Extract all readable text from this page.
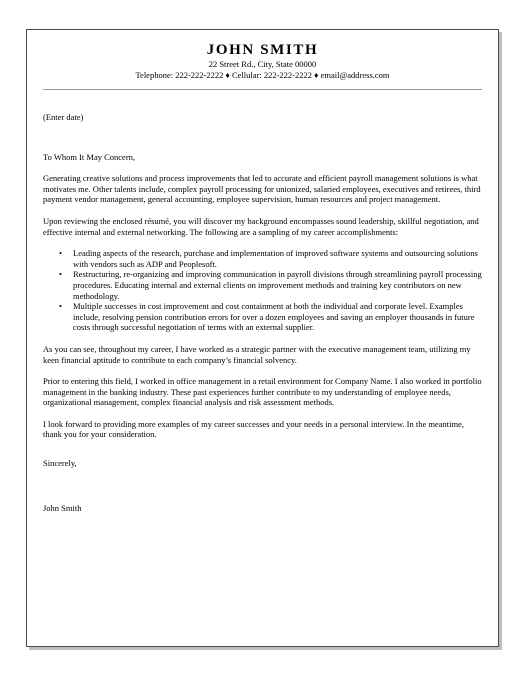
JOHN SMITH
22 Street Rd., City, State 00000
Telephone: 222-222-2222 ♦ Cellular: 222-222-2222 ♦ email@address.com

(Enter date)

To Whom It May Concern,

Generating creative solutions and process improvements that led to accurate and efficient payroll management solutions is what motivates me. Other talents include, complex payroll processing for unionized, salaried employees, executives and retirees, third payment vendor management, general accounting, employee supervision, human resources and project management.

Upon reviewing the enclosed résumé, you will discover my background encompasses sound leadership, skillful negotiation, and effective internal and external networking. The following are a sampling of my career accomplishments:

• Leading aspects of the research, purchase and implementation of improved software systems and outsourcing solutions with vendors such as ADP and Peoplesoft.
• Restructuring, re-organizing and improving communication in payroll divisions through streamlining payroll processing procedures. Educating internal and external clients on improvement methods and training key contributors on new methodology.
• Multiple successes in cost improvement and cost containment at both the individual and corporate level. Examples include, resolving pension contribution errors for over a dozen employees and saving an employer thousands in future costs through successful negotiation of terms with an external supplier.

As you can see, throughout my career, I have worked as a strategic partner with the executive management team, utilizing my keen financial aptitude to contribute to each company’s financial solvency.

Prior to entering this field, I worked in office management in a retail environment for Company Name. I also worked in portfolio management in the banking industry. These past experiences further contribute to my understanding of employee needs, organizational management, complex financial analysis and risk assessment methods.

I look forward to providing more examples of my career successes and your needs in a personal interview. In the meantime, thank you for your consideration.

Sincerely,

John Smith
